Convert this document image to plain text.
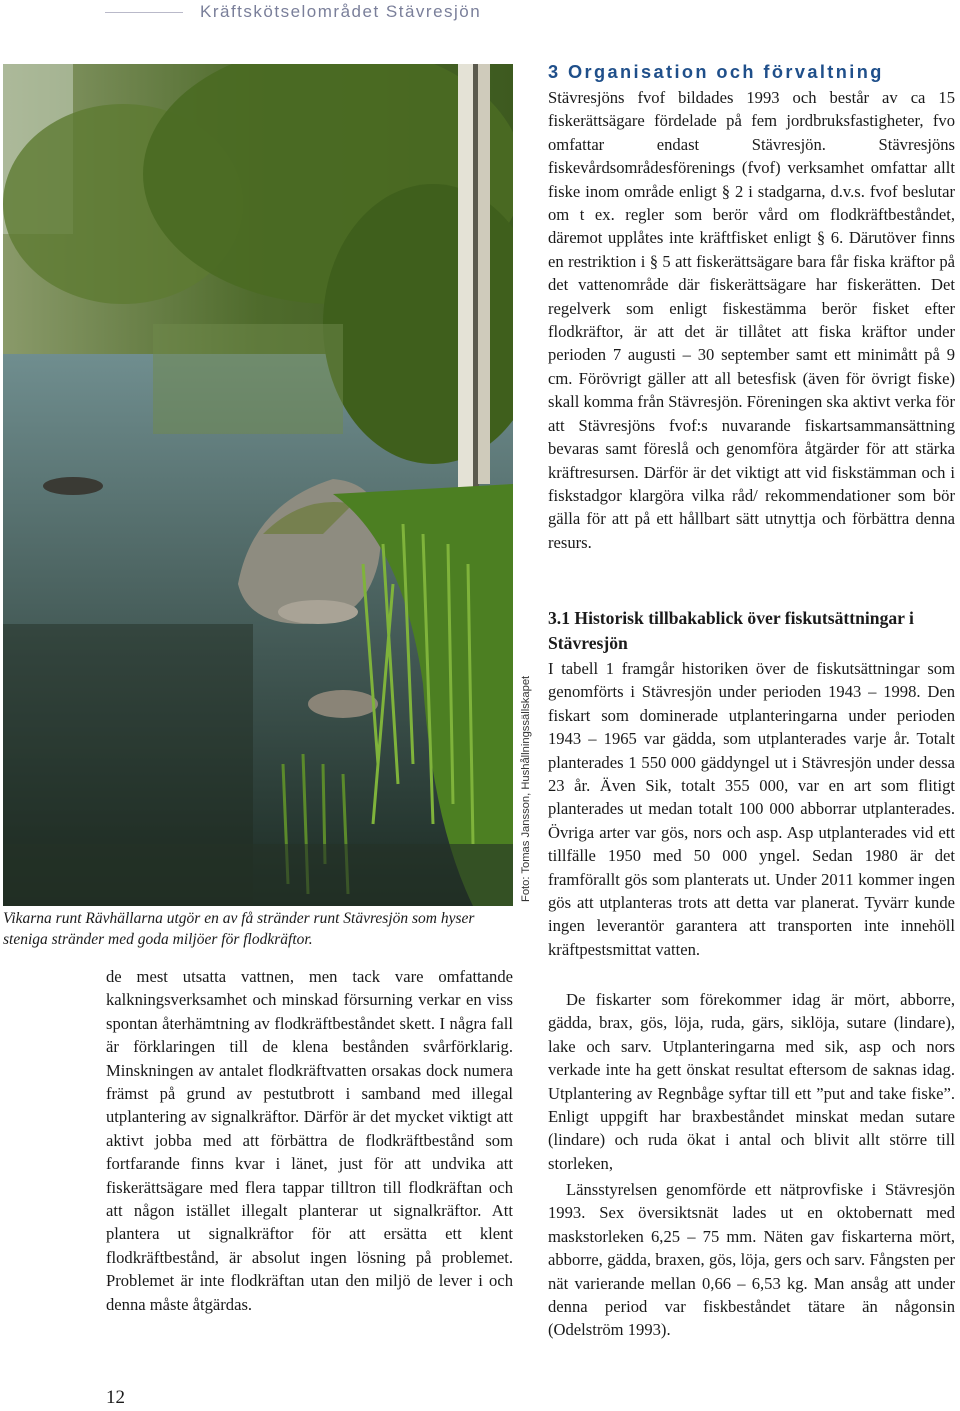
Kräftskötselområdet Stävresjön
Foto: Tomas Jansson, Hushållningssällskapet

Vikarna runt Rävhällarna utgör en av få stränder runt Stävresjön som hyser steniga stränder med goda miljöer för flodkräftor.

de mest utsatta vattnen, men tack vare omfattande kalkningsverksamhet och minskad försurning verkar en viss spontan återhämtning av flodkräftbeståndet skett. I några fall är förklaringen till de klena bestånden svårförklarig. Minskningen av antalet flodkräftvatten orsakas dock numera främst på grund av pestutbrott i samband med illegal utplantering av signalkräftor. Därför är det mycket viktigt att aktivt jobba med att förbättra de flodkräftbestånd som fortfarande finns kvar i länet, just för att undvika att fiskerättsägare med flera tappar tilltron till flodkräftan och att någon istället illegalt planterar ut signalkräftor. Att plantera ut signalkräftor för att ersätta ett klent flodkräftbestånd, är absolut ingen lösning på problemet. Problemet är inte flodkräftan utan den miljö de lever i och denna måste åtgärdas.

3 Organisation och förvaltning

Stävresjöns fvof bildades 1993 och består av ca 15 fiskerättsägare fördelade på fem jordbruksfastigheter, fvo omfattar endast Stävresjön. Stävresjöns fiskevårdsområdesförenings (fvof) verksamhet omfattar allt fiske inom område enligt § 2 i stadgarna, d.v.s. fvof beslutar om t ex. regler som berör vård om flodkräftbeståndet, däremot upplåtes inte kräftfisket enligt § 6. Därutöver finns en restriktion i § 5 att fiskerättsägare bara får fiska kräftor på det vattenområde där fiskerättsägare har fiskerätten. Det regelverk som enligt fiskestämma berör fisket efter flodkräftor, är att det är tillåtet att fiska kräftor under perioden 7 augusti – 30 september samt ett minimått på 9 cm. Förövrigt gäller att all betesfisk (även för övrigt fiske) skall komma från Stävresjön. Föreningen ska aktivt verka för att Stävresjöns fvof:s nuvarande fiskartsammansättning bevaras samt föreslå och genomföra åtgärder för att stärka kräftresursen. Därför är det viktigt att vid fiskstämman och i fiskstadgor klargöra vilka råd/ rekommendationer som bör gälla för att på ett hållbart sätt utnyttja och förbättra denna resurs.

3.1 Historisk tillbakablick över fiskutsättningar i Stävresjön

I tabell 1 framgår historiken över de fiskutsättningar som genomförts i Stävresjön under perioden 1943 – 1998. Den fiskart som dominerade utplanteringarna under perioden 1943 – 1965 var gädda, som utplanterades varje år. Totalt planterades 1 550 000 gäddyngel ut i Stävresjön under dessa 23 år. Även Sik, totalt 355 000, var en art som flitigt planterades ut medan totalt 100 000 abborrar utplanterades. Övriga arter var gös, nors och asp. Asp utplanterades vid ett tillfälle 1950 med 50 000 yngel. Sedan 1980 är det framförallt gös som planterats ut. Under 2011 kommer ingen gös att utplanteras trots att detta var planerat. Tyvärr kunde ingen leverantör garantera att transporten inte innehöll kräftpestsmittat vatten.

De fiskarter som förekommer idag är mört, abborre, gädda, brax, gös, löja, ruda, gärs, siklöja, sutare (lindare), lake och sarv. Utplanteringarna med sik, asp och nors verkade inte ha gett önskat resultat eftersom de saknas idag. Utplantering av Regnbåge syftar till ett ”put and take fiske”. Enligt uppgift har braxbeståndet minskat medan sutare (lindare) och ruda ökat i antal och blivit allt större till storleken,

Länsstyrelsen genomförde ett nätprovfiske i Stävresjön 1993. Sex översiktsnät lades ut en oktobernatt med maskstorleken 6,25 – 75 mm. Näten gav fiskarterna mört, abborre, gädda, braxen, gös, löja, gers och sarv. Fångsten per nät varierande mellan 0,66 – 6,53 kg. Man ansåg att under denna period var fiskbeståndet tätare än någonsin (Odelström 1993).

12
